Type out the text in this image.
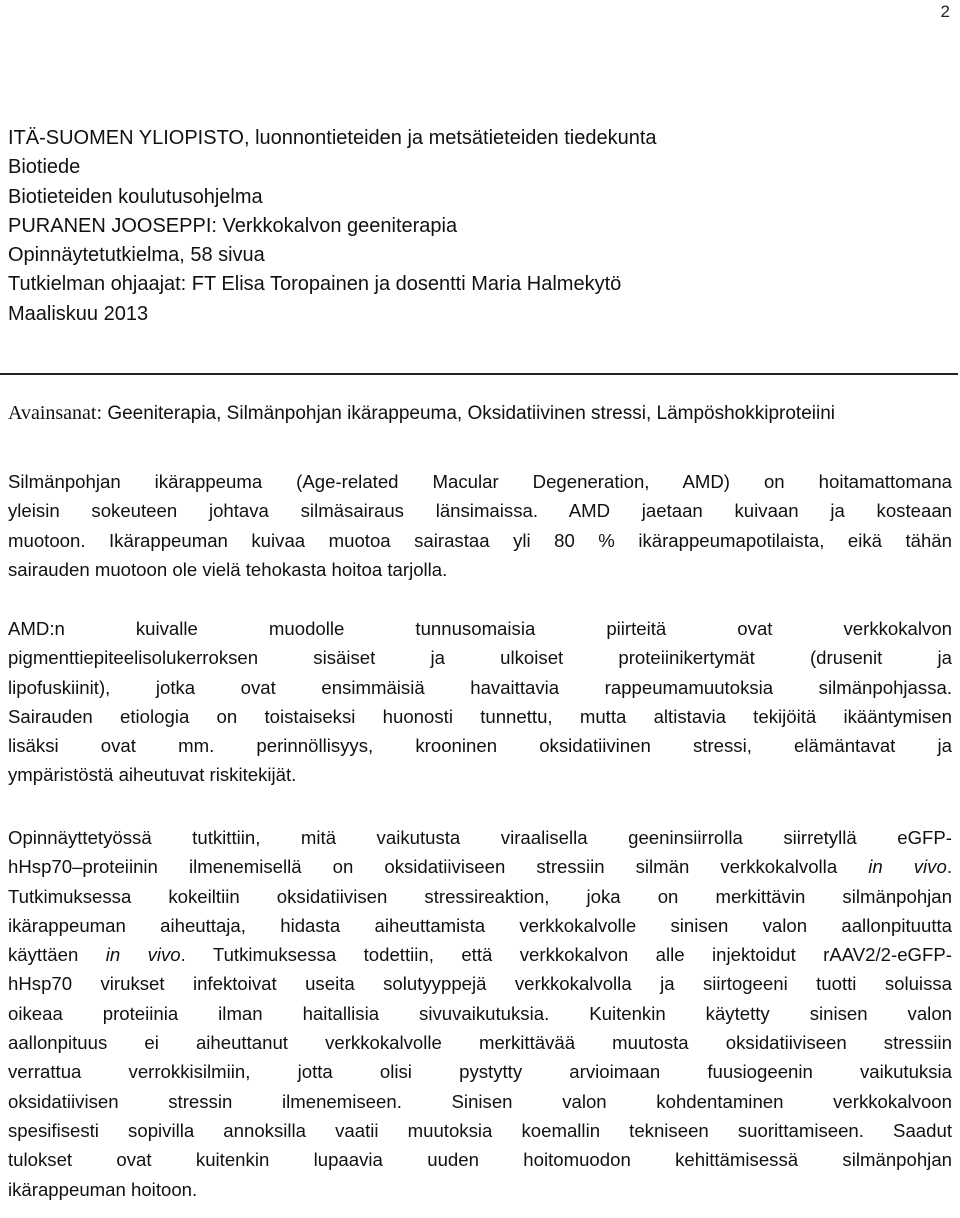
2
ITÄ-SUOMEN YLIOPISTO, luonnontieteiden ja metsätieteiden tiedekunta
Biotiede
Biotieteiden koulutusohjelma
PURANEN JOOSEPPI: Verkkokalvon geeniterapia
Opinnäytetutkielma, 58 sivua
Tutkielman ohjaajat: FT Elisa Toropainen ja dosentti Maria Halmekytö
Maaliskuu 2013
Avainsanat: Geeniterapia, Silmänpohjan ikärappeuma, Oksidatiivinen stressi, Lämpöshokkiproteiini
Silmänpohjan ikärappeuma (Age-related Macular Degeneration, AMD) on hoitamattomana
yleisin sokeuteen johtava silmäsairaus länsimaissa. AMD jaetaan kuivaan ja kosteaan
muotoon. Ikärappeuman kuivaa muotoa sairastaa yli 80 % ikärappeumapotilaista, eikä tähän
sairauden muotoon ole vielä tehokasta hoitoa tarjolla.
AMD:n kuivalle muodolle tunnusomaisia piirteitä ovat verkkokalvon
pigmenttiepiteelisolukerroksen sisäiset ja ulkoiset proteiinikertymät (drusenit ja
lipofuskiinit), jotka ovat ensimmäisiä havaittavia rappeumamuutoksia silmänpohjassa.
Sairauden etiologia on toistaiseksi huonosti tunnettu, mutta altistavia tekijöitä ikääntymisen
lisäksi ovat mm. perinnöllisyys, krooninen oksidatiivinen stressi, elämäntavat ja
ympäristöstä aiheutuvat riskitekijät.
Opinnäyttetyössä tutkittiin, mitä vaikutusta viraalisella geeninsiirrolla siirretyllä eGFP-
hHsp70–proteiinin ilmenemisellä on oksidatiiviseen stressiin silmän verkkokalvolla in vivo.
Tutkimuksessa kokeiltiin oksidatiivisen stressireaktion, joka on merkittävin silmänpohjan
ikärappeuman aiheuttaja, hidasta aiheuttamista verkkokalvolle sinisen valon aallonpituutta
käyttäen in vivo. Tutkimuksessa todettiin, että verkkokalvon alle injektoidut rAAV2/2-eGFP-
hHsp70 virukset infektoivat useita solutyyppejä verkkokalvolla ja siirtogeeni tuotti soluissa
oikeaa proteiinia ilman haitallisia sivuvaikutuksia. Kuitenkin käytetty sinisen valon
aallonpituus ei aiheuttanut verkkokalvolle merkittävää muutosta oksidatiiviseen stressiin
verrattua verrokkisilmiin, jotta olisi pystytty arvioimaan fuusiogeenin vaikutuksia
oksidatiivisen stressin ilmenemiseen. Sinisen valon kohdentaminen verkkokalvoon
spesifisesti sopivilla annoksilla vaatii muutoksia koemallin tekniseen suorittamiseen. Saadut
tulokset ovat kuitenkin lupaavia uuden hoitomuodon kehittämisessä silmänpohjan
ikärappeuman hoitoon.
